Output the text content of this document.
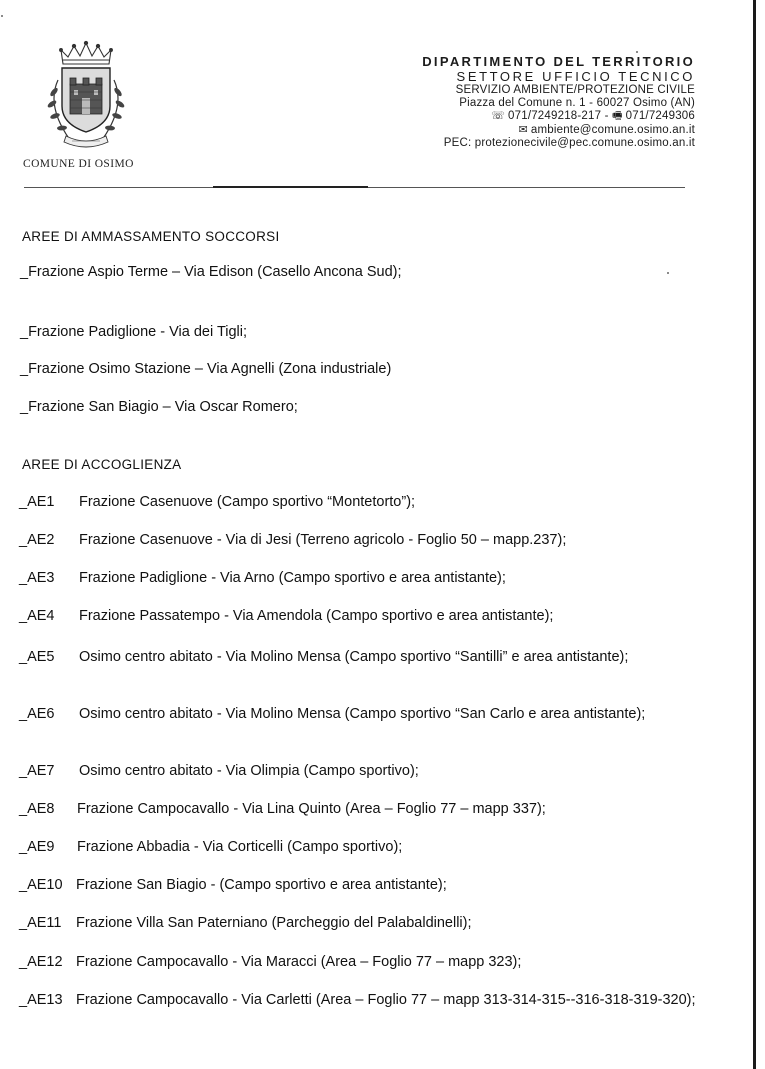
COMUNE DI OSIMO
DIPARTIMENTO DEL TERRITORIO
SETTORE UFFICIO TECNICO
SERVIZIO AMBIENTE/PROTEZIONE CIVILE
Piazza del Comune n. 1 - 60027 Osimo (AN)
☏ 071/7249218-217 - 🖷 071/7249306
✉ ambiente@comune.osimo.an.it
PEC: protezionecivile@pec.comune.osimo.an.it
AREE DI AMMASSAMENTO SOCCORSI
_Frazione Aspio Terme – Via Edison (Casello Ancona Sud);
_Frazione Padiglione - Via dei Tigli;
_Frazione Osimo Stazione – Via Agnelli (Zona industriale)
_Frazione San Biagio – Via Oscar Romero;
AREE DI ACCOGLIENZA
_AE1	Frazione Casenuove (Campo sportivo “Montetorto”);
_AE2	Frazione Casenuove - Via di Jesi (Terreno agricolo - Foglio 50 – mapp.237);
_AE3	Frazione Padiglione - Via Arno (Campo sportivo e area antistante);
_AE4	Frazione Passatempo - Via Amendola (Campo sportivo e area antistante);
_AE5	Osimo centro abitato - Via Molino Mensa (Campo sportivo “Santilli” e area antistante);
_AE6	Osimo centro abitato - Via Molino Mensa (Campo sportivo “San Carlo e area antistante);
_AE7	Osimo centro abitato - Via Olimpia (Campo sportivo);
_AE8	Frazione Campocavallo - Via Lina Quinto (Area – Foglio 77 – mapp 337);
_AE9	Frazione Abbadia - Via Corticelli (Campo sportivo);
_AE10 Frazione San Biagio - (Campo sportivo e area antistante);
_AE11	Frazione Villa San Paterniano (Parcheggio del Palabaldinelli);
_AE12 Frazione Campocavallo - Via Maracci (Area – Foglio 77 – mapp 323);
_AE13 Frazione Campocavallo - Via Carletti (Area – Foglio 77 – mapp 313-314-315--316-318-319-320);
